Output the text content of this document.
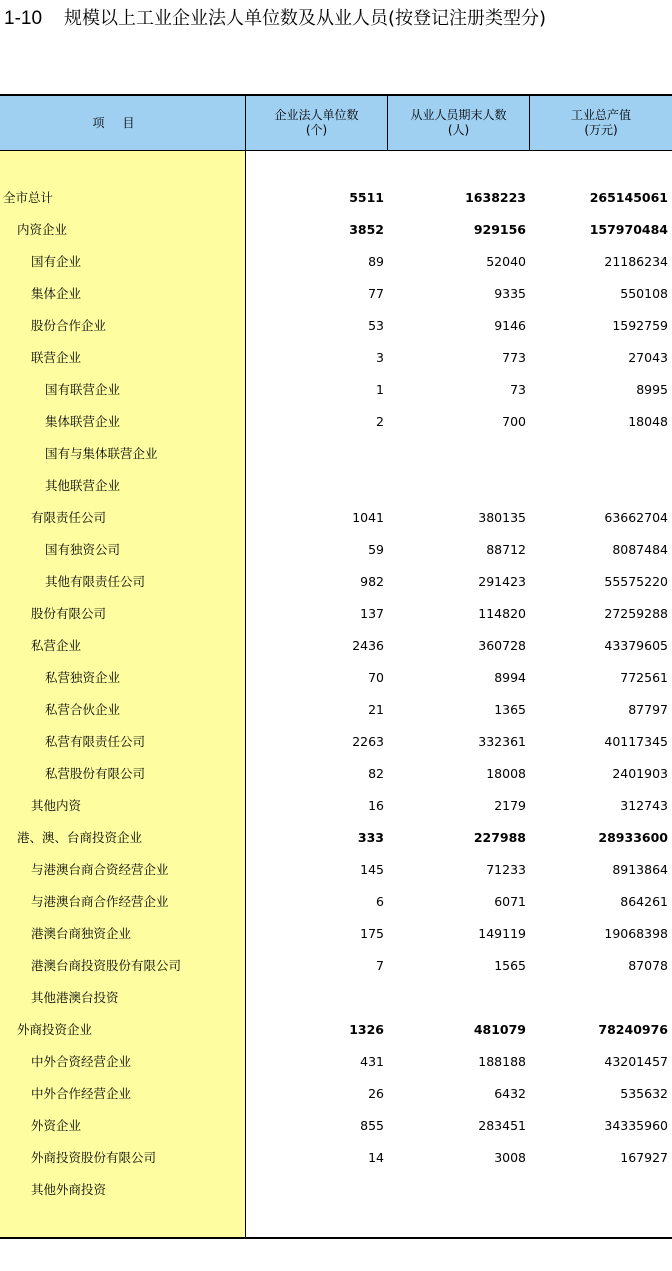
1-10 规模以上工业企业法人单位数及从业人员(按登记注册类型分)
项目
企业法人单位数
(个)
从业人员期末人数
(人)
工业总产值
(万元)
全市总计	5511	1638223	265145061
内资企业	3852	929156	157970484
国有企业	89	52040	21186234
集体企业	77	9335	550108
股份合作企业	53	9146	1592759
联营企业	3	773	27043
国有联营企业	1	73	8995
集体联营企业	2	700	18048
国有与集体联营企业
其他联营企业
有限责任公司	1041	380135	63662704
国有独资公司	59	88712	8087484
其他有限责任公司	982	291423	55575220
股份有限公司	137	114820	27259288
私营企业	2436	360728	43379605
私营独资企业	70	8994	772561
私营合伙企业	21	1365	87797
私营有限责任公司	2263	332361	40117345
私营股份有限公司	82	18008	2401903
其他内资	16	2179	312743
港、澳、台商投资企业	333	227988	28933600
与港澳台商合资经营企业	145	71233	8913864
与港澳台商合作经营企业	6	6071	864261
港澳台商独资企业	175	149119	19068398
港澳台商投资股份有限公司	7	1565	87078
其他港澳台投资
外商投资企业	1326	481079	78240976
中外合资经营企业	431	188188	43201457
中外合作经营企业	26	6432	535632
外资企业	855	283451	34335960
外商投资股份有限公司	14	3008	167927
其他外商投资
